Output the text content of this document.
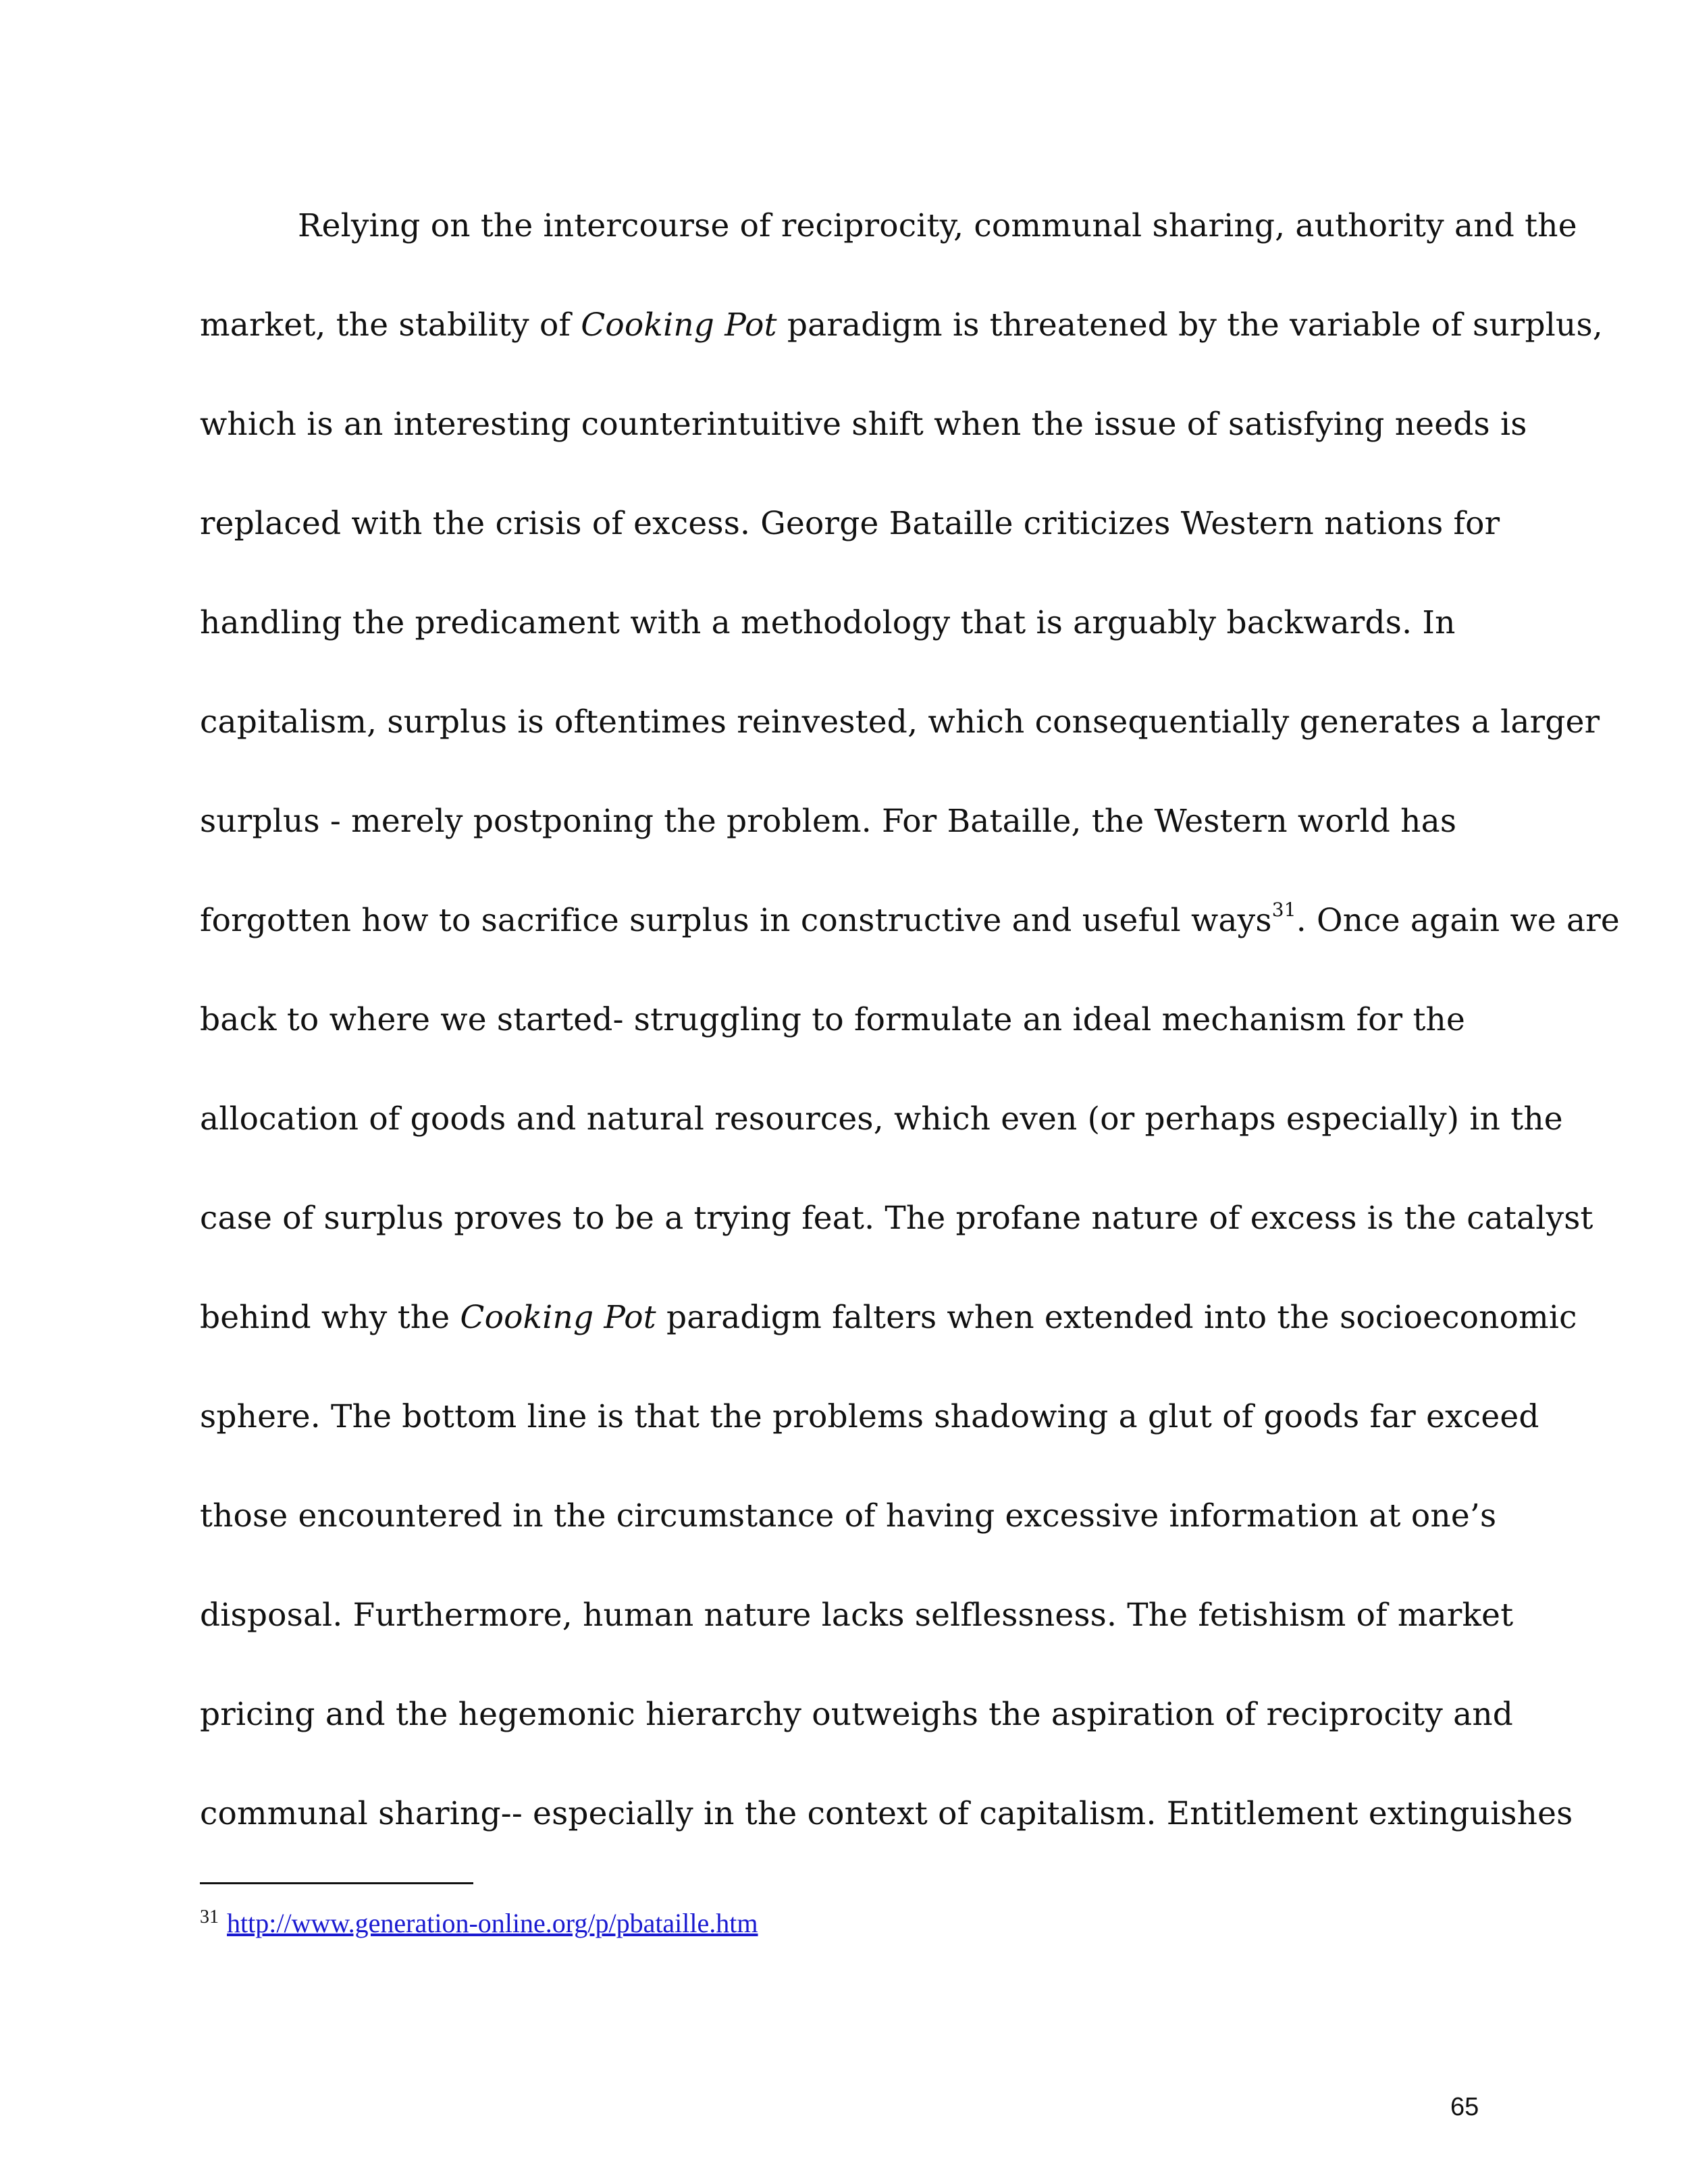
Relying on the intercourse of reciprocity, communal sharing, authority and the
market, the stability of Cooking Pot paradigm is threatened by the variable of surplus,
which is an interesting counterintuitive shift when the issue of satisfying needs is
replaced with the crisis of excess. George Bataille criticizes Western nations for
handling the predicament with a methodology that is arguably backwards. In
capitalism, surplus is oftentimes reinvested, which consequentially generates a larger
surplus - merely postponing the problem. For Bataille, the Western world has
forgotten how to sacrifice surplus in constructive and useful ways$^{31}$. Once again we are
back to where we started- struggling to formulate an ideal mechanism for the
allocation of goods and natural resources, which even (or perhaps especially) in the
case of surplus proves to be a trying feat. The profane nature of excess is the catalyst
behind why the Cooking Pot paradigm falters when extended into the socioeconomic
sphere. The bottom line is that the problems shadowing a glut of goods far exceed
those encountered in the circumstance of having excessive information at one’s
disposal. Furthermore, human nature lacks selflessness. The fetishism of market
pricing and the hegemonic hierarchy outweighs the aspiration of reciprocity and
communal sharing-- especially in the context of capitalism. Entitlement extinguishes
$^{31}$ http://www.generation-online.org/p/pbataille.htm
65
